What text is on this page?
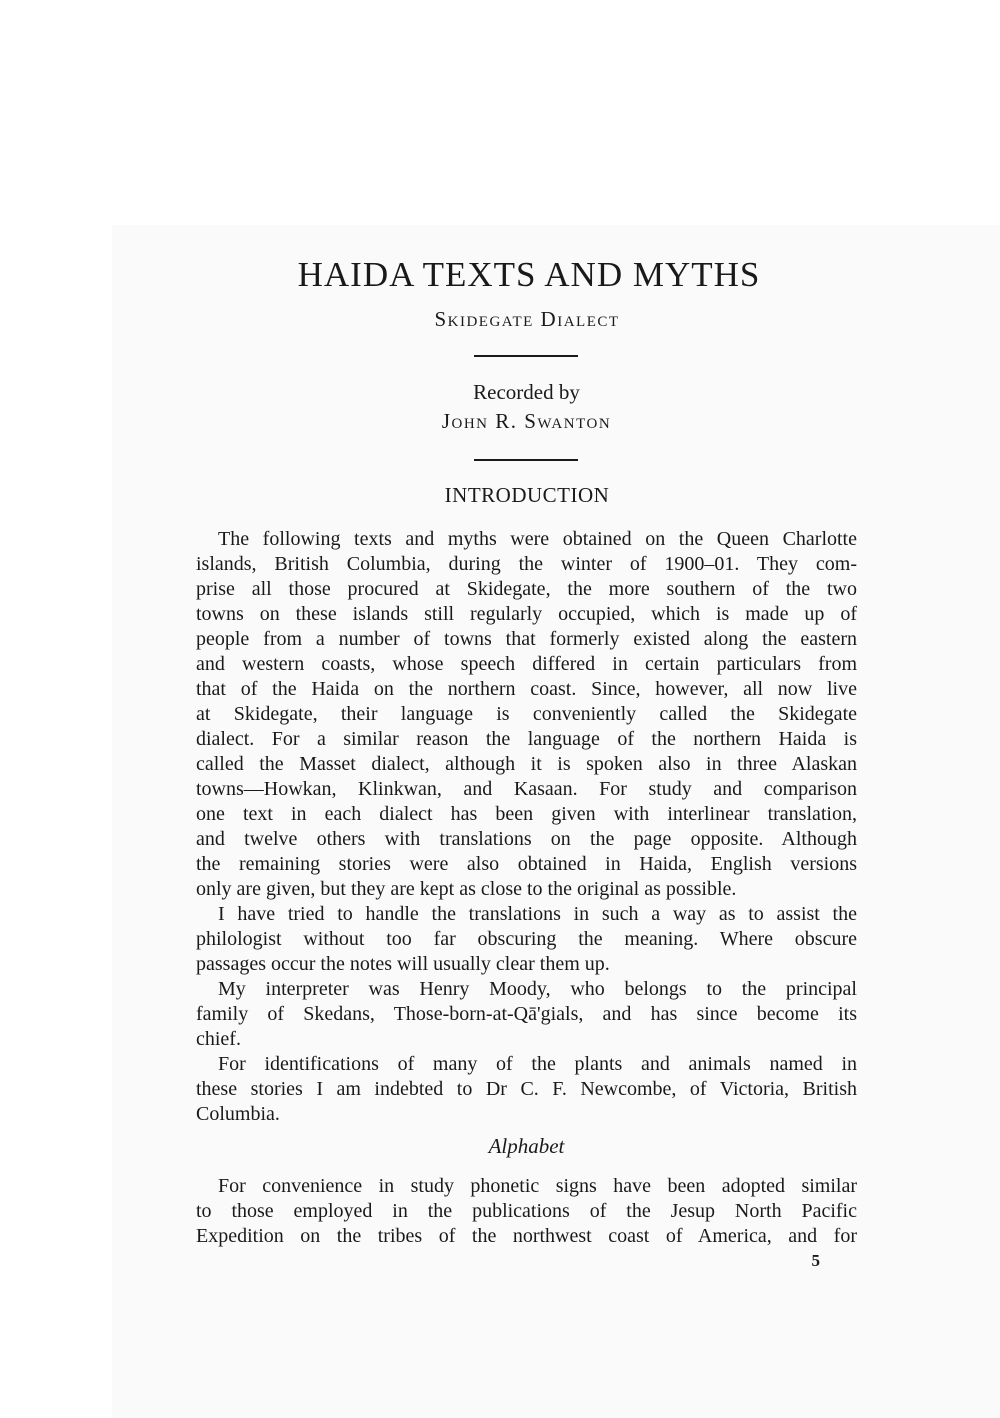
HAIDA TEXTS AND MYTHS
Skidegate Dialect
Recorded by
John R. Swanton
INTRODUCTION
The following texts and myths were obtained on the Queen Charlotte
islands, British Columbia, during the winter of 1900–01. They com-
prise all those procured at Skidegate, the more southern of the two
towns on these islands still regularly occupied, which is made up of
people from a number of towns that formerly existed along the eastern
and western coasts, whose speech differed in certain particulars from
that of the Haida on the northern coast. Since, however, all now live
at Skidegate, their language is conveniently called the Skidegate
dialect. For a similar reason the language of the northern Haida is
called the Masset dialect, although it is spoken also in three Alaskan
towns—Howkan, Klinkwan, and Kasaan. For study and comparison
one text in each dialect has been given with interlinear translation,
and twelve others with translations on the page opposite. Although
the remaining stories were also obtained in Haida, English versions
only are given, but they are kept as close to the original as possible.
I have tried to handle the translations in such a way as to assist the
philologist without too far obscuring the meaning. Where obscure
passages occur the notes will usually clear them up.
My interpreter was Henry Moody, who belongs to the principal
family of Skedans, Those-born-at-Qā'gials, and has since become its
chief.
For identifications of many of the plants and animals named in
these stories I am indebted to Dr C. F. Newcombe, of Victoria, British
Columbia.
Alphabet
For convenience in study phonetic signs have been adopted similar
to those employed in the publications of the Jesup North Pacific
Expedition on the tribes of the northwest coast of America, and for
5
